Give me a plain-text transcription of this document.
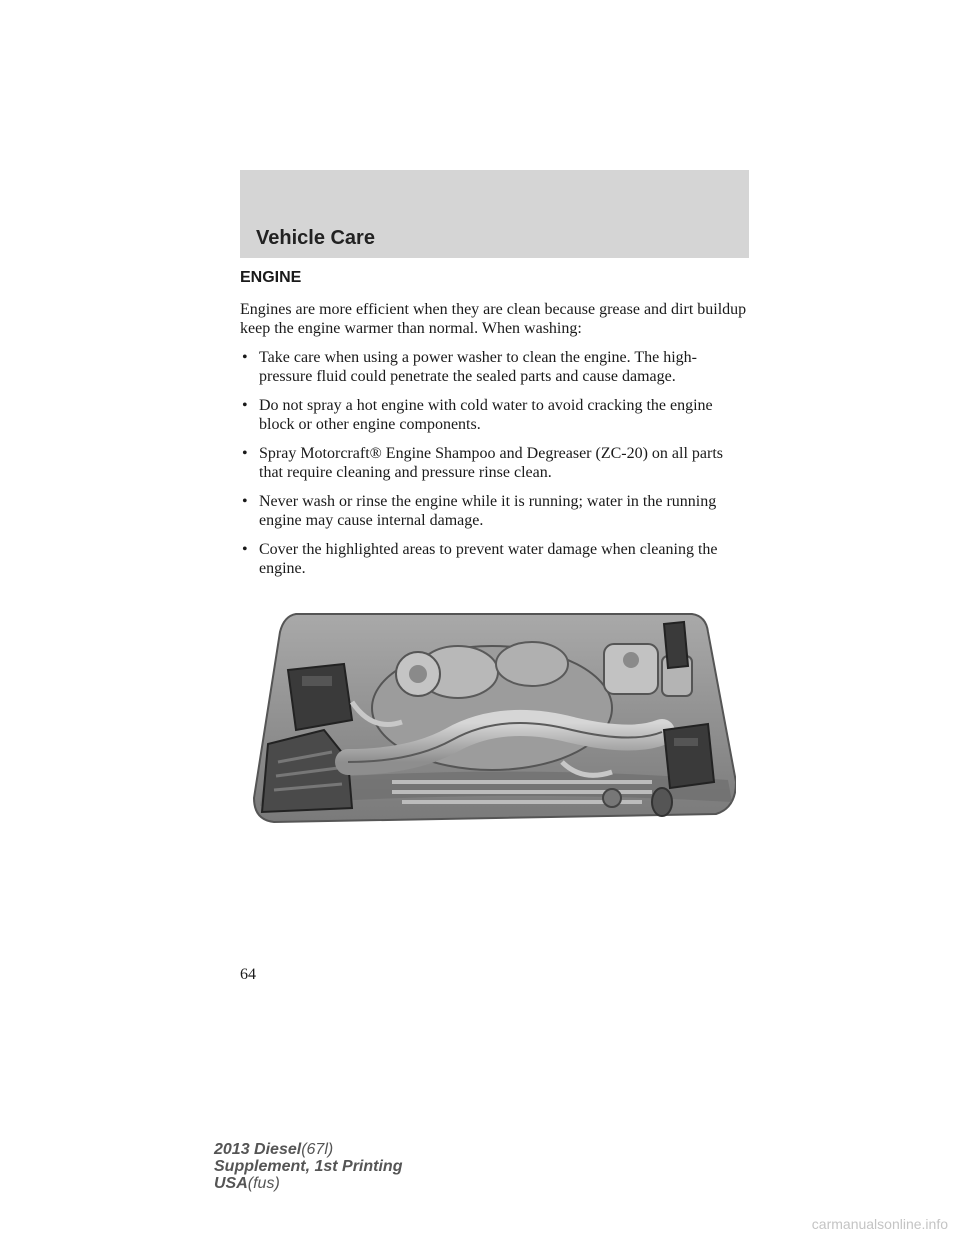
Vehicle Care
ENGINE

Engines are more efficient when they are clean because grease and dirt buildup keep the engine warmer than normal. When washing:

• Take care when using a power washer to clean the engine. The high-pressure fluid could penetrate the sealed parts and cause damage.
• Do not spray a hot engine with cold water to avoid cracking the engine block or other engine components.
• Spray Motorcraft® Engine Shampoo and Degreaser (ZC-20) on all parts that require cleaning and pressure rinse clean.
• Never wash or rinse the engine while it is running; water in the running engine may cause internal damage.
• Cover the highlighted areas to prevent water damage when cleaning the engine.
64
2013 Diesel(67l)
Supplement, 1st Printing
USA(fus)
carmanualsonline.info
